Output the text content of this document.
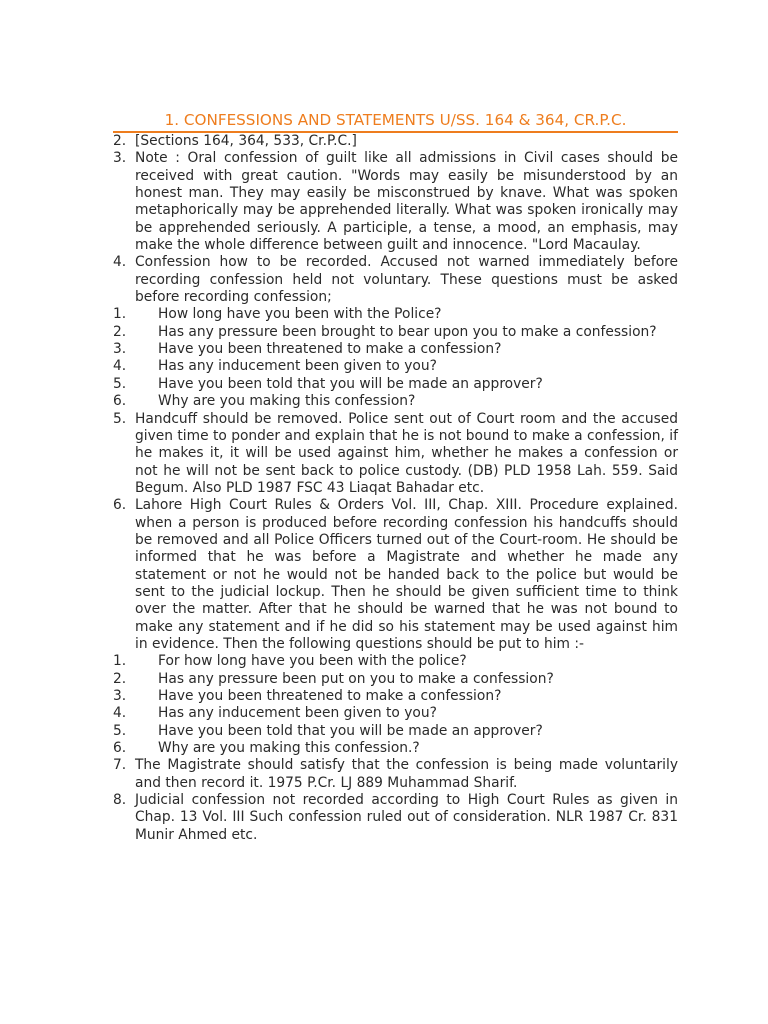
1. CONFESSIONS AND STATEMENTS U/SS. 164 & 364, CR.P.C.
2. [Sections 164, 364, 533, Cr.P.C.]
3. Note : Oral confession of guilt like all admissions in Civil cases should be received with great caution. "Words may easily be misunderstood by an honest man. They may easily be misconstrued by knave. What was spoken metaphorically may be apprehended literally. What was spoken ironically may be apprehended seriously. A participle, a tense, a mood, an emphasis, may make the whole difference between guilt and innocence. "Lord Macaulay.
4. Confession how to be recorded. Accused not warned immediately before recording confession held not voluntary. These questions must be asked before recording confession;
1.	How long have you been with the Police?
2.	Has any pressure been brought to bear upon you to make a confession?
3.	Have you been threatened to make a confession?
4.	Has any inducement been given to you?
5.	Have you been told that you will be made an approver?
6.	Why are you making this confession?
5. Handcuff should be removed. Police sent out of Court room and the accused given time to ponder and explain that he is not bound to make a confession, if he makes it, it will be used against him, whether he makes a confession or not he will not be sent back to police custody. (DB) PLD 1958 Lah. 559. Said Begum. Also PLD 1987 FSC 43 Liaqat Bahadar etc.
6. Lahore High Court Rules & Orders Vol. III, Chap. XIII. Procedure explained. when a person is produced before recording confession his handcuffs should be removed and all Police Officers turned out of the Court-room. He should be informed that he was before a Magistrate and whether he made any statement or not he would not be handed back to the police but would be sent to the judicial lockup. Then he should be given sufficient time to think over the matter. After that he should be warned that he was not bound to make any statement and if he did so his statement may be used against him in evidence. Then the following questions should be put to him :-
1.	For how long have you been with the police?
2.	Has any pressure been put on you to make a confession?
3.	Have you been threatened to make a confession?
4.	Has any inducement been given to you?
5.	Have you been told that you will be made an approver?
6.	Why are you making this confession.?
7. The Magistrate should satisfy that the confession is being made voluntarily and then record it. 1975 P.Cr. LJ 889 Muhammad Sharif.
8. Judicial confession not recorded according to High Court Rules as given in Chap. 13 Vol. III Such confession ruled out of consideration. NLR 1987 Cr. 831 Munir Ahmed etc.
